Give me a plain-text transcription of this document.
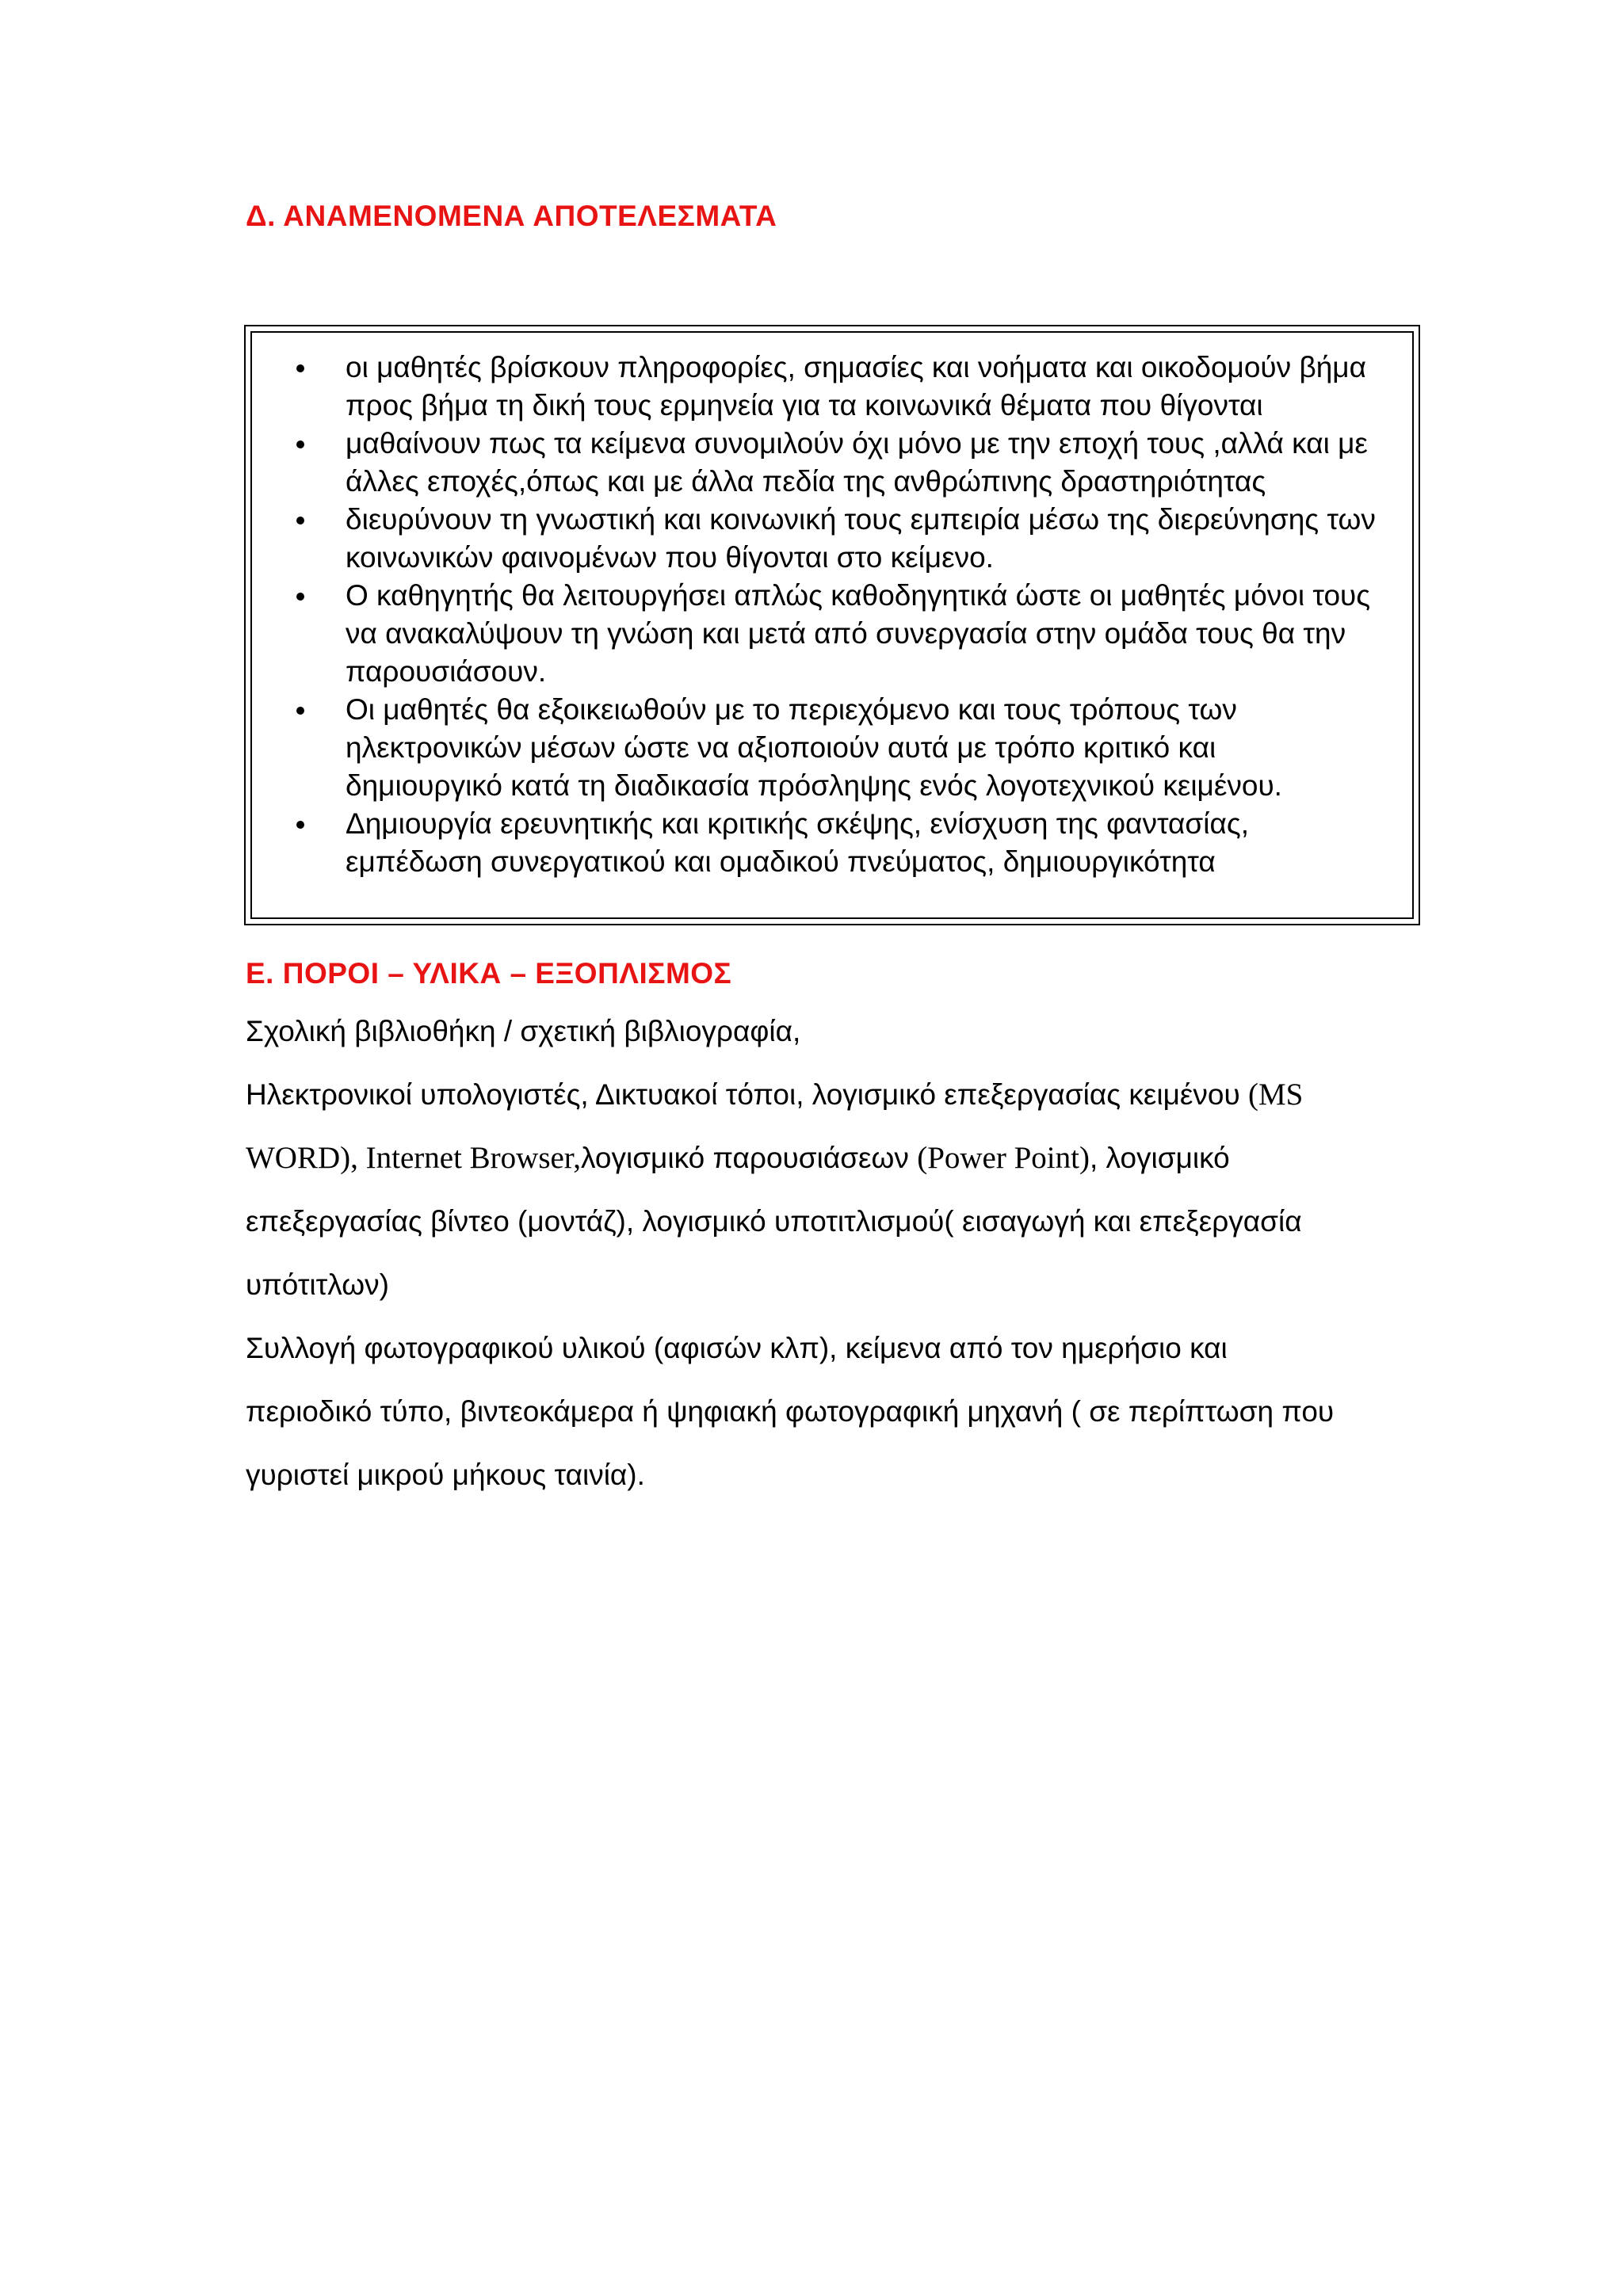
Δ. ΑΝΑΜΕΝΟΜΕΝΑ ΑΠΟΤΕΛΕΣΜΑΤΑ
οι μαθητές βρίσκουν πληροφορίες, σημασίες και νοήματα και οικοδομούν βήμα
προς βήμα τη δική τους ερμηνεία για τα κοινωνικά θέματα που θίγονται
μαθαίνουν πως τα κείμενα συνομιλούν όχι μόνο με την εποχή τους ,αλλά και με
άλλες εποχές,όπως και με άλλα πεδία της ανθρώπινης δραστηριότητας
διευρύνουν τη γνωστική και κοινωνική τους εμπειρία μέσω της διερεύνησης των
κοινωνικών φαινομένων που θίγονται στο κείμενο.
Ο καθηγητής θα λειτουργήσει απλώς καθοδηγητικά ώστε οι μαθητές μόνοι τους
να ανακαλύψουν τη γνώση και μετά από συνεργασία στην ομάδα τους θα την
παρουσιάσουν.
Οι μαθητές θα εξοικειωθούν με το περιεχόμενο και τους τρόπους των
ηλεκτρονικών μέσων ώστε να αξιοποιούν αυτά με τρόπο κριτικό και
δημιουργικό κατά τη διαδικασία πρόσληψης ενός λογοτεχνικού κειμένου.
Δημιουργία ερευνητικής και κριτικής σκέψης, ενίσχυση της φαντασίας,
εμπέδωση συνεργατικού και ομαδικού πνεύματος, δημιουργικότητα
Ε. ΠΟΡΟΙ – ΥΛΙΚΑ – ΕΞΟΠΛΙΣΜΟΣ
Σχολική βιβλιοθήκη / σχετική βιβλιογραφία,
Ηλεκτρονικοί υπολογιστές, Δικτυακοί τόποι, λογισμικό επεξεργασίας κειμένου (MS
WORD), Internet Browser,λογισμικό παρουσιάσεων (Power Point), λογισμικό
επεξεργασίας βίντεο (μοντάζ), λογισμικό υποτιτλισμού( εισαγωγή και επεξεργασία
υπότιτλων)
Συλλογή φωτογραφικού υλικού (αφισών κλπ), κείμενα από τον ημερήσιο και
περιοδικό τύπο, βιντεοκάμερα ή ψηφιακή φωτογραφική μηχανή ( σε περίπτωση που
γυριστεί μικρού μήκους ταινία).
